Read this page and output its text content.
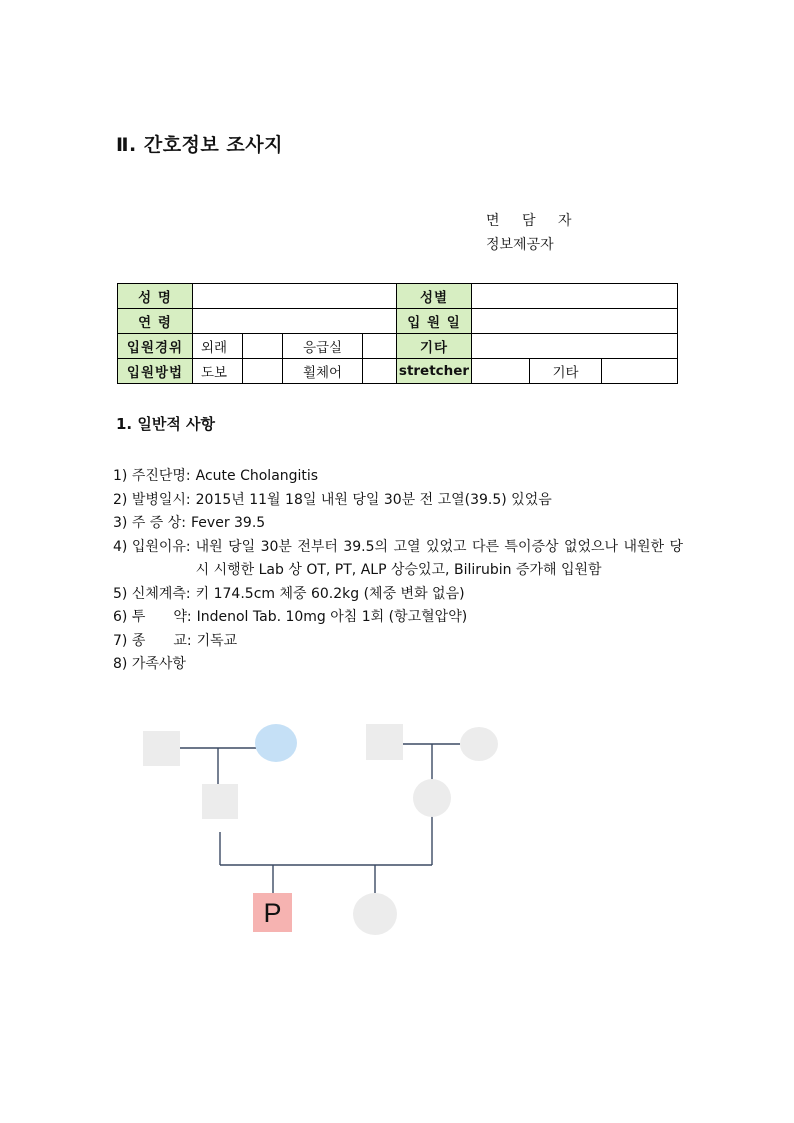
Ⅱ. 간호정보 조사지
면 담 자
정보제공자
성 명					성별			
연 령					입 원 일			
입원경위	외래		응급실		기타			
입원방법	도보		휠체어		stretcher		기타	
1. 일반적 사항
1) 주진단명: Acute Cholangitis
2) 발병일시: 2015년 11월 18일 내원 당일 30분 전 고열(39.5) 있었음
3) 주 증 상: Fever 39.5
4) 입원이유: 내원 당일 30분 전부터 39.5의 고열 있었고 다른 특이증상 없었으나 내원한 당시 시행한 Lab 상 OT, PT, ALP 상승있고, Bilirubin 증가해 입원함
5) 신체계측: 키 174.5cm 체중 60.2kg (체중 변화 없음)
6) 투　　약: Indenol Tab. 10mg 아침 1회 (항고혈압약)
7) 종　　교: 기독교
8) 가족사항
P
